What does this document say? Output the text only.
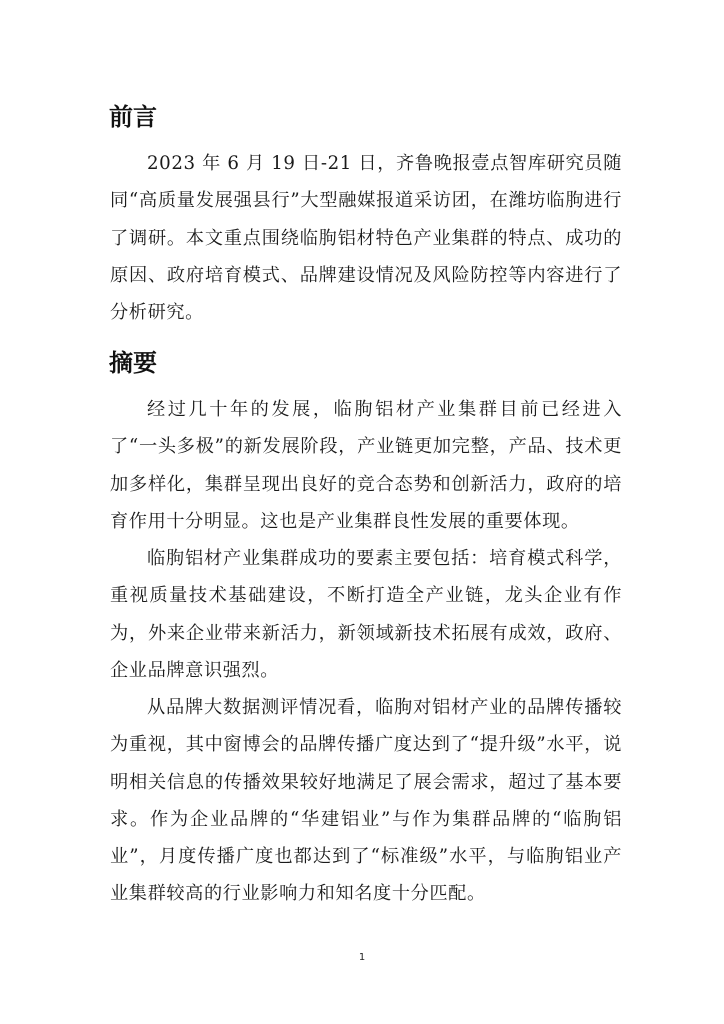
前言

2023 年 6 月 19 日-21 日，齐鲁晚报壹点智库研究员随同“高质量发展强县行”大型融媒报道采访团，在潍坊临朐进行了调研。本文重点围绕临朐铝材特色产业集群的特点、成功的原因、政府培育模式、品牌建设情况及风险防控等内容进行了分析研究。

摘要

经过几十年的发展，临朐铝材产业集群目前已经进入了“一头多极”的新发展阶段，产业链更加完整，产品、技术更加多样化，集群呈现出良好的竞合态势和创新活力，政府的培育作用十分明显。这也是产业集群良性发展的重要体现。

临朐铝材产业集群成功的要素主要包括：培育模式科学，重视质量技术基础建设，不断打造全产业链，龙头企业有作为，外来企业带来新活力，新领域新技术拓展有成效，政府、企业品牌意识强烈。

从品牌大数据测评情况看，临朐对铝材产业的品牌传播较为重视，其中窗博会的品牌传播广度达到了“提升级”水平，说明相关信息的传播效果较好地满足了展会需求，超过了基本要求。作为企业品牌的“华建铝业”与作为集群品牌的“临朐铝业”，月度传播广度也都达到了“标准级”水平，与临朐铝业产业集群较高的行业影响力和知名度十分匹配。

1
